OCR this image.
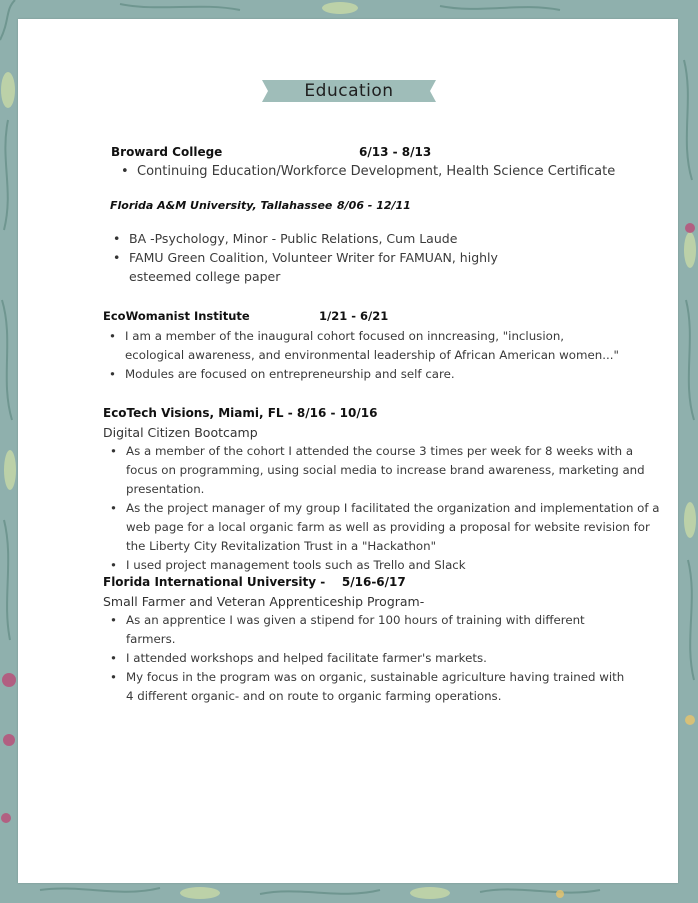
Education
Broward College	6/13 - 8/13
• Continuing Education/Workforce Development, Health Science Certificate
Florida A&M University, Tallahassee 8/06 - 12/11
• BA -Psychology, Minor - Public Relations, Cum Laude
• FAMU Green Coalition, Volunteer Writer for FAMUAN, highly esteemed college paper
EcoWomanist Institute	1/21 - 6/21
• I am a member of the inaugural cohort focused on inncreasing, "inclusion, ecological awareness, and environmental leadership of African American women..."
• Modules are focused on entrepreneurship and self care.
EcoTech Visions, Miami, FL - 8/16 - 10/16
Digital Citizen Bootcamp
• As a member of the cohort I attended the course 3 times per week for 8 weeks with a focus on programming, using social media to increase brand awareness, marketing and presentation.
• As the project manager of my group I facilitated the organization and implementation of a web page for a local organic farm as well as providing a proposal for website revision for the Liberty City Revitalization Trust in a "Hackathon"
• I used project management tools such as Trello and Slack
Florida International University -    5/16-6/17
Small Farmer and Veteran Apprenticeship Program-
• As an apprentice I was given a stipend for 100 hours of training with different farmers.
• I attended workshops and helped facilitate farmer's markets.
• My focus in the program was on organic, sustainable agriculture having trained with 4 different organic- and on route to organic farming operations.
